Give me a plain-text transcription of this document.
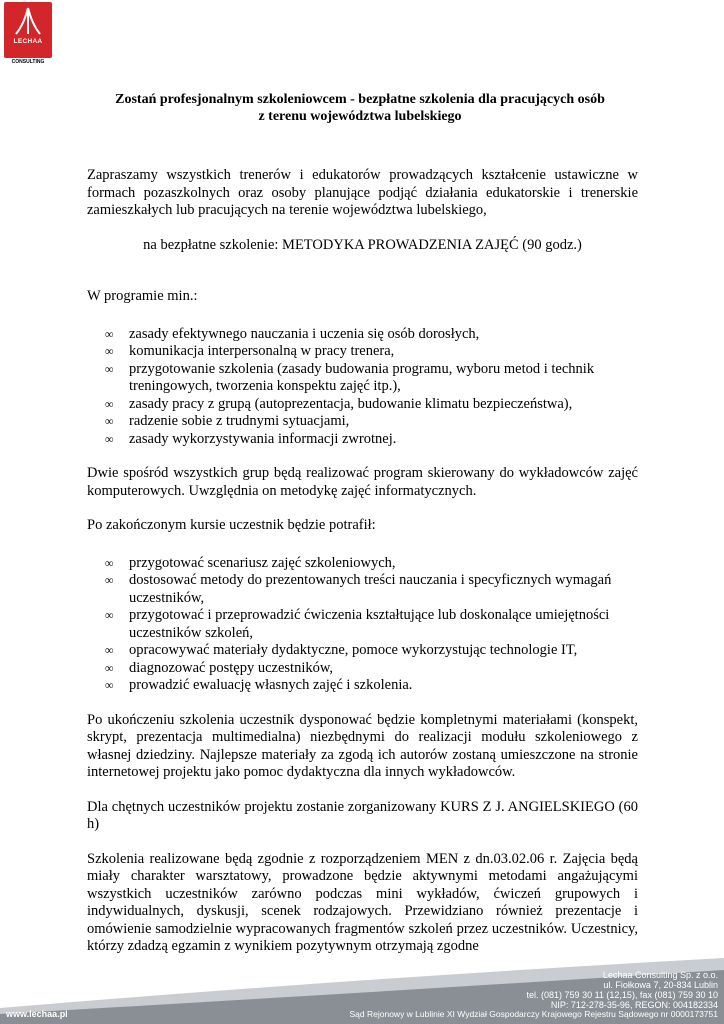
LECHAA
CONSULTING
Zostań profesjonalnym szkoleniowcem - bezpłatne szkolenia dla pracujących osób
z terenu województwa lubelskiego

Zapraszamy wszystkich trenerów i edukatorów prowadzących kształcenie ustawiczne w formach pozaszkolnych oraz osoby planujące podjąć działania edukatorskie i trenerskie zamieszkałych lub pracujących na terenie województwa lubelskiego,

na bezpłatne szkolenie: METODYKA PROWADZENIA ZAJĘĆ (90 godz.)

W programie min.:

∞ zasady efektywnego nauczania i uczenia się osób dorosłych,
∞ komunikacja interpersonalną w pracy trenera,
∞ przygotowanie szkolenia (zasady budowania programu, wyboru metod i technik treningowych, tworzenia konspektu zajęć itp.),
∞ zasady pracy z grupą (autoprezentacja, budowanie klimatu bezpieczeństwa),
∞ radzenie sobie z trudnymi sytuacjami,
∞ zasady wykorzystywania informacji zwrotnej.

Dwie spośród wszystkich grup będą realizować program skierowany do wykładowców zajęć komputerowych. Uwzględnia on metodykę zajęć informatycznych.

Po zakończonym kursie uczestnik będzie potrafił:

∞ przygotować scenariusz zajęć szkoleniowych,
∞ dostosować metody do prezentowanych treści nauczania i specyficznych wymagań uczestników,
∞ przygotować i przeprowadzić ćwiczenia kształtujące lub doskonalące umiejętności uczestników szkoleń,
∞ opracowywać materiały dydaktyczne, pomoce wykorzystując technologie IT,
∞ diagnozować postępy uczestników,
∞ prowadzić ewaluację własnych zajęć i szkolenia.

Po ukończeniu szkolenia uczestnik dysponować będzie kompletnymi materiałami (konspekt, skrypt, prezentacja multimedialna) niezbędnymi do realizacji modułu szkoleniowego z własnej dziedziny. Najlepsze materiały za zgodą ich autorów zostaną umieszczone na stronie internetowej projektu jako pomoc dydaktyczna dla innych wykładowców.

Dla chętnych uczestników projektu zostanie zorganizowany KURS Z J. ANGIELSKIEGO (60 h)

Szkolenia realizowane będą zgodnie z rozporządzeniem MEN z dn.03.02.06 r. Zajęcia będą miały charakter warsztatowy, prowadzone będzie aktywnymi metodami angażującymi wszystkich uczestników zarówno podczas mini wykładów, ćwiczeń grupowych i indywidualnych, dyskusji, scenek rodzajowych. Przewidziano również prezentacje i omówienie samodzielnie wypracowanych fragmentów szkoleń przez uczestników. Uczestnicy, którzy zdadzą egzamin z wynikiem pozytywnym otrzymają zgodne

Lechaa Consulting Sp. z o.o.
ul. Fiołkowa 7, 20-834 Lublin
tel. (081) 759 30 11 (12,15), fax (081) 759 30 10
NIP: 712-278-35-96, REGON: 004182334
www.lechaa.pl	Sąd Rejonowy w Lublinie XI Wydział Gospodarczy Krajowego Rejestru Sądowego nr 0000173751
